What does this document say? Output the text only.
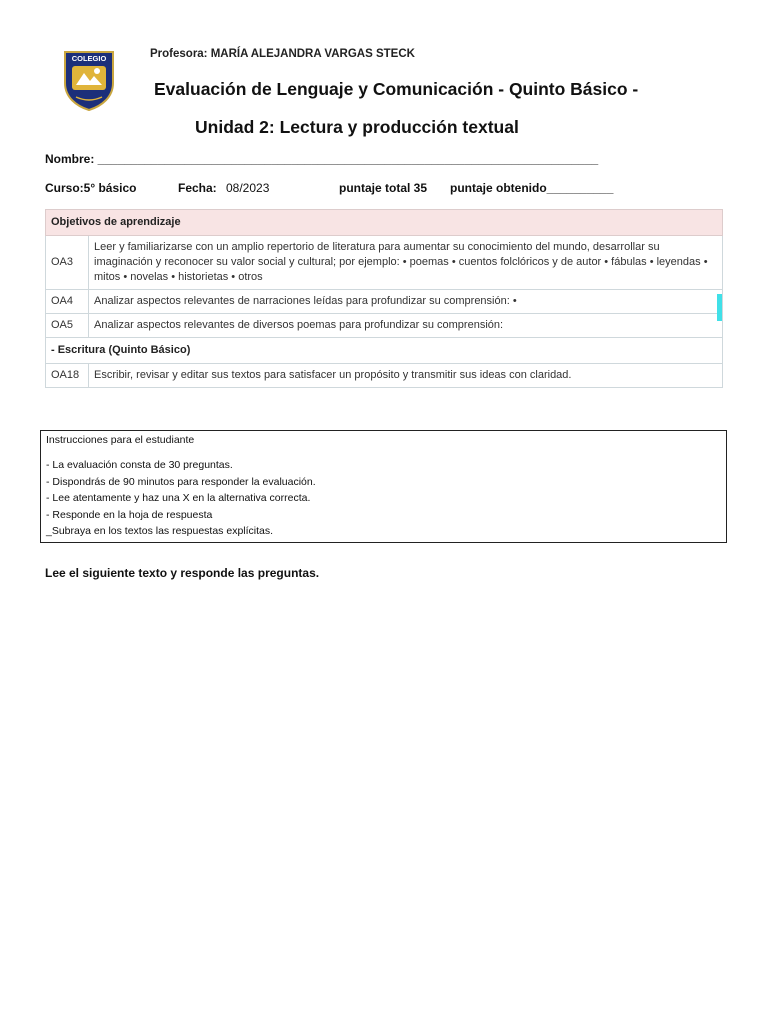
COLEGIO	Profesora: MARÍA ALEJANDRA VARGAS STECK
Evaluación de Lenguaje y Comunicación - Quinto Básico -
Unidad 2: Lectura y producción textual
Nombre: ___________________________________________________________________________
Curso:5° básico	Fecha: 08/2023	puntaje total 35 puntaje obtenido__________
Objetivos de aprendizaje	
OA3	Leer y familiarizarse con un amplio repertorio de literatura para aumentar su conocimiento del mundo, desarrollar su imaginación y reconocer su valor social y cultural; por ejemplo: • poemas • cuentos folclóricos y de autor • fábulas • leyendas • mitos • novelas • historietas • otros
OA4	Analizar aspectos relevantes de narraciones leídas para profundizar su comprensión: •
OA5	Analizar aspectos relevantes de diversos poemas para profundizar su comprensión:
- Escritura (Quinto Básico)	
OA18	Escribir, revisar y editar sus textos para satisfacer un propósito y transmitir sus ideas con claridad.
Instrucciones para el estudiante
- La evaluación consta de 30 preguntas.
- Dispondrás de 90 minutos para responder la evaluación.
- Lee atentamente y haz una X en la alternativa correcta.
- Responde en la hoja de respuesta
_Subraya en los textos las respuestas explícitas.
Lee el siguiente texto y responde las preguntas.
